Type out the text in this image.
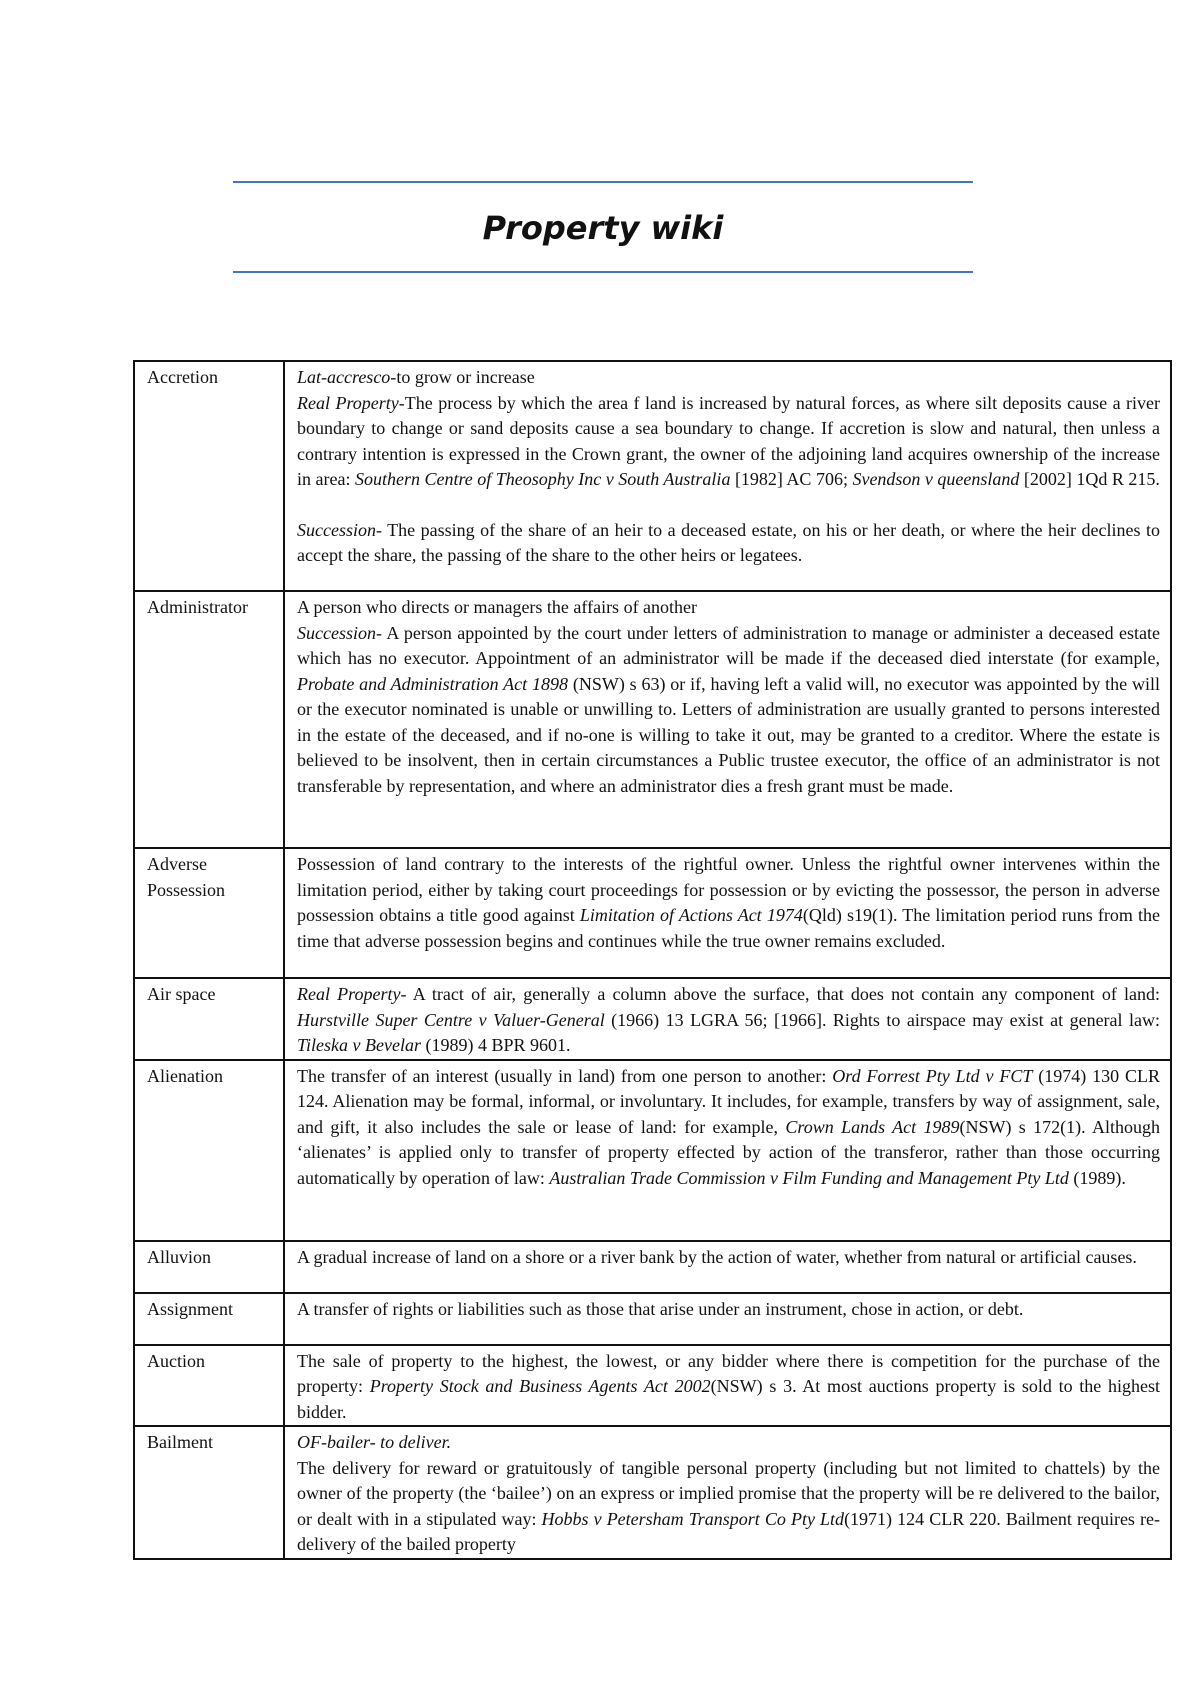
Property wiki
Accretion	Lat-accresco-to grow or increase

Real Property-The process by which the area f land is increased by natural forces, as where silt deposits cause a river boundary to change or sand deposits cause a sea boundary to change. If accretion is slow and natural, then unless a contrary intention is expressed in the Crown grant, the owner of the adjoining land acquires ownership of the increase in area: Southern Centre of Theosophy Inc v South Australia [1982] AC 706; Svendson v queensland [2002] 1Qd R 215.

Succession- The passing of the share of an heir to a deceased estate, on his or her death, or where the heir declines to accept the share, the passing of the share to the other heirs or legatees.

Administrator	A person who directs or managers the affairs of another

Succession- A person appointed by the court under letters of administration to manage or administer a deceased estate which has no executor. Appointment of an administrator will be made if the deceased died interstate (for example, Probate and Administration Act 1898 (NSW) s 63) or if, having left a valid will, no executor was appointed by the will or the executor nominated is unable or unwilling to. Letters of administration are usually granted to persons interested in the estate of the deceased, and if no-one is willing to take it out, may be granted to a creditor. Where the estate is believed to be insolvent, then in certain circumstances a Public trustee executor, the office of an administrator is not transferable by representation, and where an administrator dies a fresh grant must be made.

Adverse Possession	Possession of land contrary to the interests of the rightful owner. Unless the rightful owner intervenes within the limitation period, either by taking court proceedings for possession or by evicting the possessor, the person in adverse possession obtains a title good against Limitation of Actions Act 1974(Qld) s19(1). The limitation period runs from the time that adverse possession begins and continues while the true owner remains excluded.

Air space	Real Property- A tract of air, generally a column above the surface, that does not contain any component of land: Hurstville Super Centre v Valuer-General (1966) 13 LGRA 56; [1966]. Rights to airspace may exist at general law: Tileska v Bevelar (1989) 4 BPR 9601.

Alienation	The transfer of an interest (usually in land) from one person to another: Ord Forrest Pty Ltd v FCT (1974) 130 CLR 124. Alienation may be formal, informal, or involuntary. It includes, for example, transfers by way of assignment, sale, and gift, it also includes the sale or lease of land: for example, Crown Lands Act 1989(NSW) s 172(1). Although ‘alienates’ is applied only to transfer of property effected by action of the transferor, rather than those occurring automatically by operation of law: Australian Trade Commission v Film Funding and Management Pty Ltd (1989).

Alluvion	A gradual increase of land on a shore or a river bank by the action of water, whether from natural or artificial causes.

Assignment	A transfer of rights or liabilities such as those that arise under an instrument, chose in action, or debt.

Auction	The sale of property to the highest, the lowest, or any bidder where there is competition for the purchase of the property: Property Stock and Business Agents Act 2002(NSW) s 3. At most auctions property is sold to the highest bidder.

Bailment	OF-bailer- to deliver.

The delivery for reward or gratuitously of tangible personal property (including but not limited to chattels) by the owner of the property (the ‘bailee’) on an express or implied promise that the property will be re delivered to the bailor, or dealt with in a stipulated way: Hobbs v Petersham Transport Co Pty Ltd(1971) 124 CLR 220. Bailment requires re-delivery of the bailed property
